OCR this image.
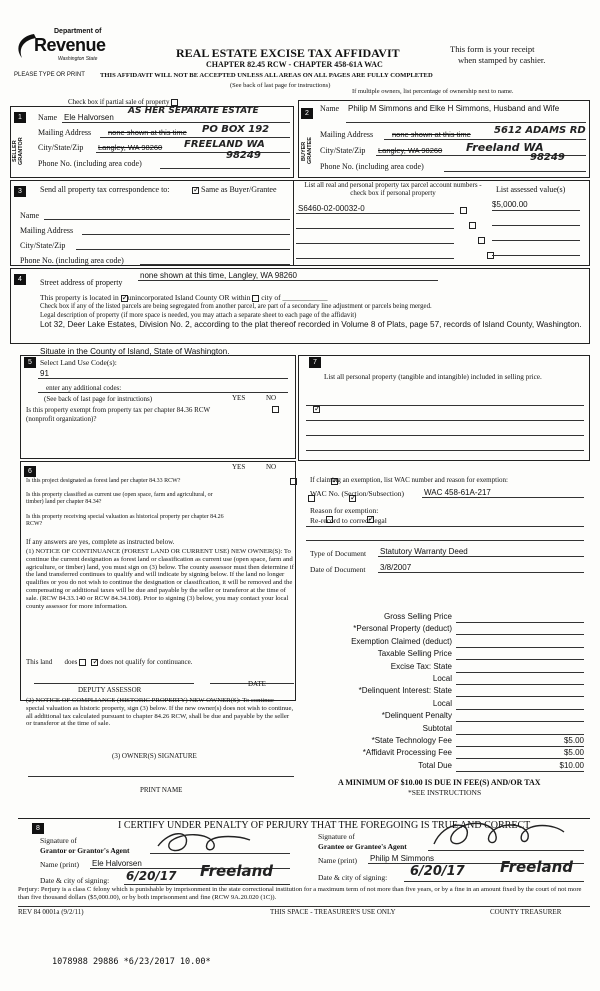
Department of
Revenue
Washington State
PLEASE TYPE OR PRINT
REAL ESTATE EXCISE TAX AFFIDAVIT
CHAPTER 82.45 RCW - CHAPTER 458-61A WAC
This form is your receipt
when stamped by cashier.
THIS AFFIDAVIT WILL NOT BE ACCEPTED UNLESS ALL AREAS ON ALL PAGES ARE FULLY COMPLETED
(See back of last page for instructions)
If multiple owners, list percentage of ownership next to name.
Check box if partial sale of property
1
SELLER GRANTOR
2
BUYER GRANTEE
Name Ele Halvorsen
AS HER SEPARATE ESTATE
Mailing Address none shown at this time PO BOX 192
City/State/Zip Langley, WA 98260 FREELAND WA
98249
Phone No. (including area code)
Name Philip M Simmons and Elke H Simmons, Husband and Wife
Mailing Address	none shown at this time 5612 ADAMS RD
City/State/Zip Langley, WA 98260 Freeland WA
98249
Phone No. (including area code)
3	Send all property tax correspondence to: ✓	Same as Buyer/Grantee
Name
Mailing Address
City/State/Zip
Phone No. (including area code)
List all real and personal property tax parcel account numbers - check box if personal property	List assessed value(s)
S6460-02-00032-0	$5,000.00

4	Street address of property
none shown at this time, Langley, WA 98260
This property is located in ✓ unincorporated Island County OR within city of ____________
Check box if any of the listed parcels are being segregated from another parcel, are part of a secondary line adjustment or parcels being merged.
Legal description of property (if more space is needed, you may attach a separate sheet to each page of the affidavit)
Lot 32, Deer Lake Estates, Division No. 2, according to the plat thereof recorded in Volume 8 of Plats, page 57, records of Island County, Washington.
Situate in the County of Island, State of Washington.
5	Select Land Use Code(s):
91
enter any additional codes:
(See back of last page for instructions)	YES	NO
Is this property exempt from property tax per chapter 84.36 RCW (nonprofit organization)?
✓
6
YES	NO
Is this project designated as forest land per chapter 84.33 RCW?
✓
Is this property classified as current use (open space, farm and agricultural, or timber) land per chapter 84.34?
✓
Is this property receiving special valuation as historical property per chapter 84.26 RCW?
✓
If any answers are yes, complete as instructed below.
(1) NOTICE OF CONTINUANCE (FOREST LAND OR CURRENT USE) NEW OWNER(S): To continue the current designation as forest land or classification as current use (open space, farm and agriculture, or timber) land, you must sign on (3) below. The county assessor must then determine if the land transferred continues to qualify and will indicate by signing below. If the land no longer qualifies or you do not wish to continue the designation or classification, it will be removed and the compensating or additional taxes will be due and payable by the seller or transferor at the time of sale. (RCW 84.33.140 or RCW 84.34.108). Prior to signing (3) below, you may contact your local county assessor for more information.
This land does ✓	does not qualify for continuance.
DEPUTY ASSESSOR
DATE
(2) NOTICE OF COMPLIANCE (HISTORIC PROPERTY) NEW OWNER(S): To continue special valuation as historic property, sign (3) below. If the new owner(s) does not wish to continue, all additional tax calculated pursuant to chapter 84.26 RCW, shall be due and payable by the seller or transferor at the time of sale.
(3) OWNER(S) SIGNATURE
PRINT NAME
7
List all personal property (tangible and intangible) included in selling price.
If claiming an exemption, list WAC number and reason for exemption:
WAC No. (Section/Subsection)	WAC 458-61A-217
Reason for exemption:
Re-record to correct legal
Type of Document Statutory Warranty Deed
Date of Document 3/8/2007
Gross Selling Price
*Personal Property (deduct)
Exemption Claimed (deduct)
Taxable Selling Price
Excise Tax: State
Local
*Delinquent Interest: State
Local
*Delinquent Penalty
Subtotal
*State Technology Fee	$5.00
*Affidavit Processing Fee	$5.00
Total Due	$10.00
A MINIMUM OF $10.00 IS DUE IN FEE(S) AND/OR TAX
*SEE INSTRUCTIONS
8	I CERTIFY UNDER PENALTY OF PERJURY THAT THE FOREGOING IS TRUE AND CORRECT.
Signature of
Grantor or Grantor's Agent
Name (print) Ele Halvorsen
Date & city of signing: 6/20/17 Freeland
Signature of
Grantee or Grantee's Agent
Name (print) Philip M Simmons
Date & city of signing: 6/20/17 Freeland
Perjury: Perjury is a class C felony which is punishable by imprisonment in the state correctional institution for a maximum term of not more than five years, or by a fine in an amount fixed by the court of not more than five thousand dollars ($5,000.00), or by both imprisonment and fine (RCW 9A.20.020 (1C)).
REV 84 0001a (9/2/11)	THIS SPACE - TREASURER'S USE ONLY	COUNTY TREASURER
1078988 29886 *6/23/2017 10.00*
